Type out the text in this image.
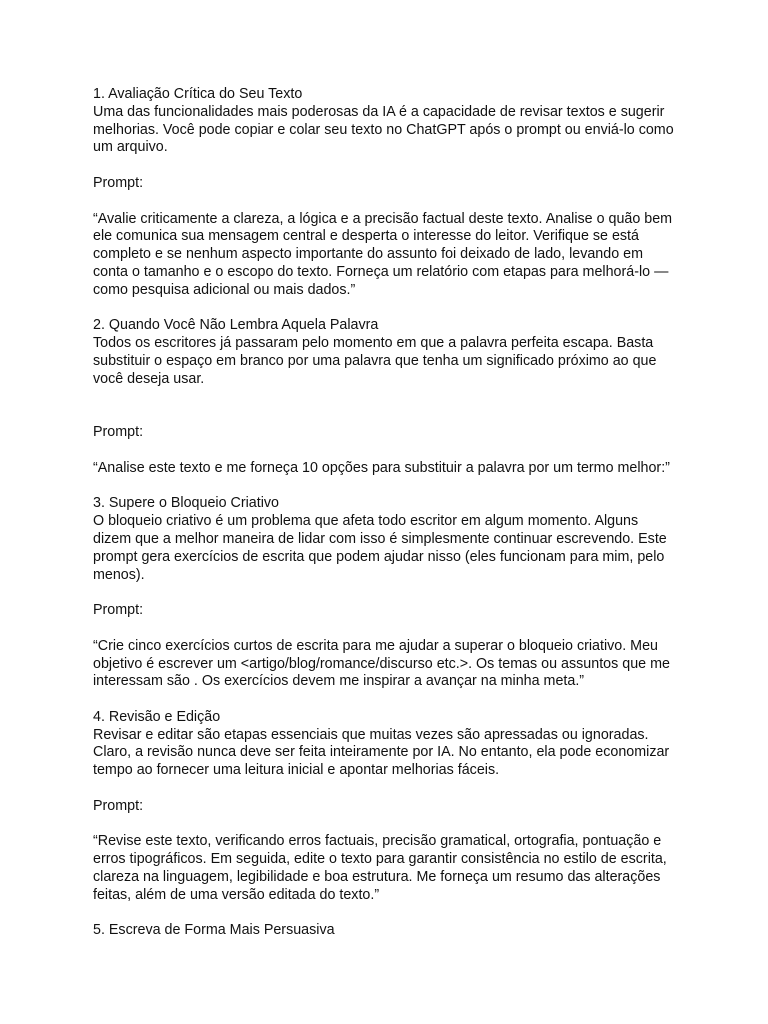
1. Avaliação Crítica do Seu Texto
Uma das funcionalidades mais poderosas da IA é a capacidade de revisar textos e sugerir
melhorias. Você pode copiar e colar seu texto no ChatGPT após o prompt ou enviá-lo como
um arquivo.

Prompt:

“Avalie criticamente a clareza, a lógica e a precisão factual deste texto. Analise o quão bem
ele comunica sua mensagem central e desperta o interesse do leitor. Verifique se está
completo e se nenhum aspecto importante do assunto foi deixado de lado, levando em
conta o tamanho e o escopo do texto. Forneça um relatório com etapas para melhorá-lo —
como pesquisa adicional ou mais dados.”

2. Quando Você Não Lembra Aquela Palavra
Todos os escritores já passaram pelo momento em que a palavra perfeita escapa. Basta
substituir o espaço em branco por uma palavra que tenha um significado próximo ao que
você deseja usar.

Prompt:

“Analise este texto e me forneça 10 opções para substituir a palavra por um termo melhor:”

3. Supere o Bloqueio Criativo
O bloqueio criativo é um problema que afeta todo escritor em algum momento. Alguns
dizem que a melhor maneira de lidar com isso é simplesmente continuar escrevendo. Este
prompt gera exercícios de escrita que podem ajudar nisso (eles funcionam para mim, pelo
menos).

Prompt:

“Crie cinco exercícios curtos de escrita para me ajudar a superar o bloqueio criativo. Meu
objetivo é escrever um <artigo/blog/romance/discurso etc.>. Os temas ou assuntos que me
interessam são . Os exercícios devem me inspirar a avançar na minha meta.”

4. Revisão e Edição
Revisar e editar são etapas essenciais que muitas vezes são apressadas ou ignoradas.
Claro, a revisão nunca deve ser feita inteiramente por IA. No entanto, ela pode economizar
tempo ao fornecer uma leitura inicial e apontar melhorias fáceis.

Prompt:

“Revise este texto, verificando erros factuais, precisão gramatical, ortografia, pontuação e
erros tipográficos. Em seguida, edite o texto para garantir consistência no estilo de escrita,
clareza na linguagem, legibilidade e boa estrutura. Me forneça um resumo das alterações
feitas, além de uma versão editada do texto.”

5. Escreva de Forma Mais Persuasiva
